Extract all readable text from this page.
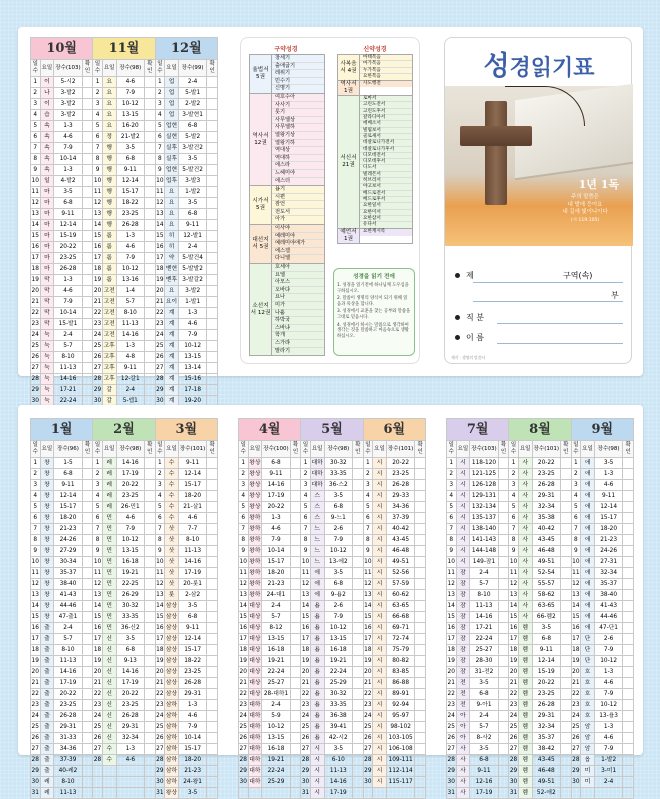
10월				11월				12월			
일수	요일	장수(103)	확인	일수	요일	장수(98)	확인	일수	요일	장수(99)	확인
1	이	5-시2		1	요	4-6		1	업	2-4	
2	나	3-발2		2	요	7-9		2	업	5-발1	
3	이	3-발2		3	요	10-12		3	업	2-발2	
4	습	3-발2		4	요	13-15		4	업	3-발현1	
5	속	1-3		5	요	16-20		5	업현	6-8	
6	속	4-6		6	정	21-발2		6	실현	5-발2	
7	속	7-9		7	행	3-5		7	실후	3-발건2	
8	속	10-14		8	행	6-8		8	실후	3-5	
9	속	1-3		9	행	9-11		9	업현	5-발건2	
10	일	4-발2		10	행	12-14		10	업후	3-발3	
11	마	3-5		11	행	15-17		11	요	1-발2	
12	마	6-8		12	행	18-22		12	요	3-5	
13	마	9-11		13	행	23-25		13	요	6-8	
14	마	12-14		14	행	26-28		14	요	9-11	
15	마	15-19		15	롬	1-3		15	히	12-발1	
16	마	20-22		16	롬	4-6		16	히	2-4	
17	마	23-25		17	롬	7-9		17	약	5-발건4	
18	마	26-28		18	롬	10-12		18	벧현	5-발발2	
19	막	1-3		19	롬	13-16		19	벧후	3-발갈2	
20	막	4-6		20	고전	1-4		20	요	3-발2	
21	막	7-9		21	고전	5-7		21	요이	1-발1	
22	막	10-14		22	고전	8-10		22	계	1-3	
23	막	15-발1		23	고전	11-13		23	계	4-6	
24	눅	2-4		24	고전	14-16		24	계	7-9	
25	눅	5-7		25	고후	1-3		25	계	10-12	
26	눅	8-10		26	고후	4-8		26	계	13-15	
27	눅	11-13		27	고후	9-11		27	계	13-14	
28	눅	14-16		28	고후	12-갈1		28	계	15-16	
29	눅	17-21		29	갈	2-4		29	계	17-18	
30	눅	22-24		30	갈	5-엡1		30	계	19-20	

구약성경	신약성경
율법서 5권
창세기
출애굽기
레위기
민수기
신명기
역사서 12권
여호수아
사사기
룻기
사무엘상
사무엘하
열왕기상
열왕기하
역대상
역대하
에스라
느헤미야
에스더
시가서 5권
욥기
시편
잠언
전도서
아가
대선지서 5권
이사야
예레미야
예레미야애가
에스겔
다니엘
소선지서 12권
호세아
요엘
아모스
오바댜
요나
미가
나훔
하박국
스바냐
학개
스가랴
말라기
사복음서 4권
마태복음
마가복음
누가복음
요한복음
역사서 1권
사도행전
서신서 21권
로마서
고린도전서
고린도후서
갈라디아서
에베소서
빌립보서
골로새서
데살로니가전서
데살로니가후서
디모데전서
디모데후서
디도서
빌레몬서
히브리서
야고보서
베드로전서
베드로후서
요한일서
요한이서
요한삼서
유다서
예언서 1권
요한계시록
성경을 읽기 전에
1. 성경을 읽기전에 하나님께 도우심을 구하십시오.
2. 말씀이 생명의 양식이 되기 위해 읽음과 묵상을 합니다.
3. 성경에서 교훈을 찾는 공부와 말씀을 그대로 믿음시다.
4. 성경에서 하시는 말씀으로 생각하여 생각는 것을 말씀하고 마음속으로 생활하십시오.
성경읽기표
1년 1독
주의 말씀은
내 발에 등이요
내 길에 빛이니이다
(시 119:105)
제	구역(속)
부
직 분
이 름
제작 · 생명의 말씀사
1월				2월				3월			
일수	요일	장수(96)	확인	일수	요일	장수(98)	확인	일수	요일	장수(101)	확인
1	창	1-5		1	레	14-16		1	수	9-11	
2	창	6-8		2	레	17-19		2	수	12-14	
3	창	9-11		3	레	20-22		3	수	15-17	
4	창	12-14		4	레	23-25		4	수	18-20	
5	창	15-17		5	레	26-민1		5	수	21-살1	
6	창	18-20		6	민	4-6		6	수	4-6	
7	창	21-23		7	민	7-9		7	삿	7-7	
8	창	24-26		8	민	10-12		8	삿	8-10	
9	창	27-29		9	민	13-15		9	삿	11-13	
10	창	30-34		10	민	16-18		10	삿	14-16	
11	창	35-37		11	민	19-21		11	삿	17-19	
12	창	38-40		12	민	22-25		12	삿	20-룻1	
13	창	41-43		13	민	26-29		13	룻	2-삼2	
14	창	44-46		14	민	30-32		14	삼상	3-5	
15	창	47-출1		15	민	33-35		15	삼상	6-8	
16	출	2-4		16	민	36-신2		16	삼상	9-11	
17	출	5-7		17	신	3-5		17	삼상	12-14	
18	출	8-10		18	신	6-8		18	삼상	15-17	
19	출	11-13		19	신	9-13		19	삼상	18-22	
20	출	14-16		20	신	14-16		20	삼상	23-25	
21	출	17-19		21	신	17-19		21	삼상	26-28	
22	출	20-22		22	신	20-22		22	삼상	29-31	
23	출	23-25		23	신	23-25		23	삼하	1-3	
24	출	26-28		24	신	26-28		24	삼하	4-6	
25	출	29-31		25	신	29-31		25	삼하	7-9	
26	출	31-33		26	신	32-34		26	삼하	10-14	
27	출	34-36		27	수	1-3		27	삼하	15-17	
28	출	37-39		28	수	4-6		28	삼하	18-20	
29	출	40-레2						29	삼하	21-23	
30	레	8-10						30	삼하	24-왕1	
31	레	11-13						31	왕상	3-5	
4월				5월				6월			
일수	요일	장수(100)	확인	일수	요일	장수(98)	확인	일수	요일	장수(101)	확인
1	왕상	6-8		1	대하	30-32		1	시	20-22	
2	왕상	9-11		2	대하	33-35		2	시	23-25	
3	왕상	14-16		3	대하	36-스2		3	시	26-28	
4	왕상	17-19		4	스	3-5		4	시	29-33	
5	왕상	20-22		5	스	6-8		5	시	34-36	
6	왕하	1-3		6	스	9-느1		6	시	37-39	
7	왕하	4-6		7	느	2-6		7	시	40-42	
8	왕하	7-9		8	느	7-9		8	시	43-45	
9	왕하	10-14		9	느	10-12		9	시	46-48	
10	왕하	15-17		10	느	13-에2		10	시	49-51	
11	왕하	18-20		11	에	3-5		11	시	52-56	
12	왕하	21-23		12	에	6-8		12	시	57-59	
13	왕하	24-대1		13	에	9-욥2		13	시	60-62	
14	대상	2-4		14	욥	2-6		14	시	63-65	
15	대상	5-7		15	욥	7-9		15	시	66-68	
16	대상	8-12		16	욥	10-12		16	시	69-71	
17	대상	13-15		17	욥	13-15		17	시	72-74	
18	대상	16-18		18	욥	16-18		18	시	75-79	
19	대상	19-21		19	욥	19-21		19	시	80-82	
20	대상	22-24		20	욥	22-24		20	시	83-85	
21	대상	25-27		21	욥	25-29		21	시	86-88	
22	대상	28-대하1		22	욥	30-32		22	시	89-91	
23	대하	2-4		23	욥	33-35		23	시	92-94	
24	대하	5-9		24	욥	36-38		24	시	95-97	
25	대하	10-12		25	욥	39-41		25	시	98-102	
26	대하	13-15		26	욥	42-시2		26	시	103-105	
27	대하	16-18		27	시	3-5		27	시	106-108	
28	대하	19-21		28	시	6-10		28	시	109-111	
29	대하	22-24		29	시	11-13		29	시	112-114	
30	대하	25-29		30	시	14-16		30	시	115-117	
				31	시	17-19					
7월				8월				9월			
일수	요일	장수(103)	확인	일수	요일	장수(101)	확인	일수	요일	장수(98)	확인
1	시	118-120		1	사	20-22		1	애	3-5	
2	시	121-125		2	사	23-25		2	애	1-3	
3	시	126-128		3	사	26-28		3	애	4-6	
4	시	129-131		4	사	29-31		4	애	9-11	
5	시	132-134		5	사	32-34		5	애	12-14	
6	시	135-137		6	사	35-38		6	애	15-17	
7	시	138-140		7	사	40-42		7	애	18-20	
8	시	141-143		8	사	43-45		8	애	21-23	
9	시	144-148		9	사	46-48		9	애	24-26	
10	시	149-잠1		10	사	49-51		10	애	27-31	
11	잠	2-4		11	사	52-54		11	애	32-34	
12	잠	5-7		12	사	55-57		12	애	35-37	
13	잠	8-10		13	사	58-62		13	애	38-40	
14	잠	11-13		14	사	63-65		14	애	41-43	
15	잠	14-16		15	사	66-렘2		15	애	44-46	
16	잠	17-21		16	렘	3-5		16	애	47-단1	
17	잠	22-24		17	렘	6-8		17	단	2-6	
18	잠	25-27		18	렘	9-11		18	단	7-9	
19	잠	28-30		19	렘	12-14		19	단	10-12	
20	잠	31-전2		20	렘	15-19		20	호	1-3	
21	전	3-5		21	렘	20-22		21	호	4-6	
22	전	6-8		22	렘	23-25		22	호	7-9	
23	전	9-아1		23	렘	26-28		23	호	10-12	
24	아	2-4		24	렘	29-31		24	호	13-욜3	
25	아	5-7		25	렘	32-34		25	암	1-3	
26	아	8-사2		26	렘	35-37		26	암	4-6	
27	사	3-5		27	렘	38-42		27	암	7-9	
28	사	6-8		28	렘	43-45		28	옵	1-발2	
29	사	9-11		29	렘	46-48		29	미	3-미1	
30	사	12-16		30	렘	49-51		30	미	2-4	
31	사	17-19		31	렘	52-애2					
